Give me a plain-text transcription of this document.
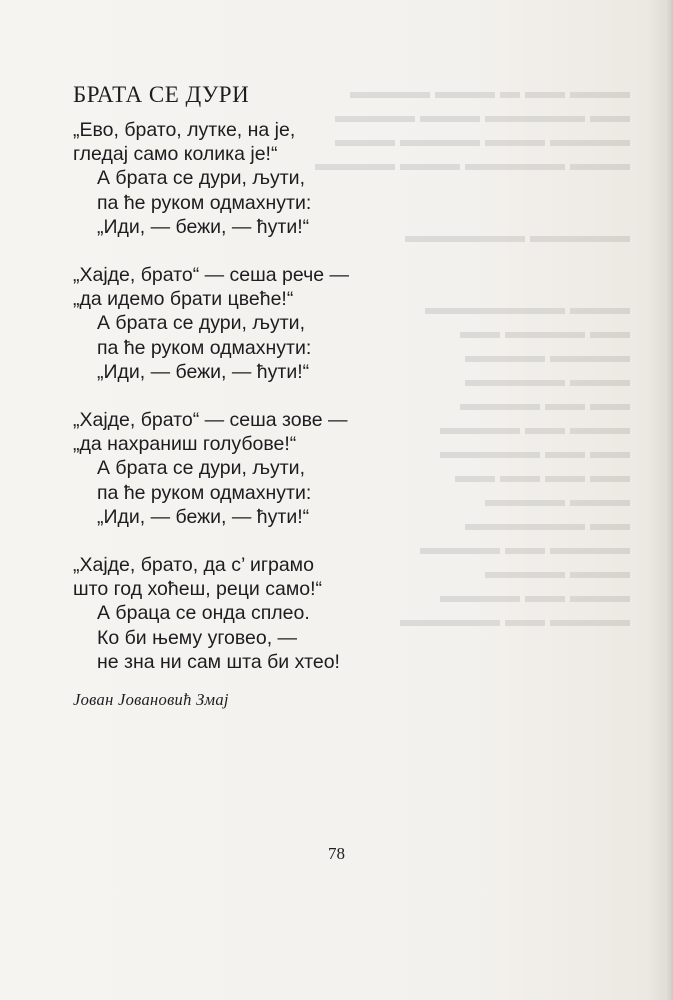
▬▬▬ ▬▬ ▬ ▬▬▬ ▬▬▬▬
▬▬ ▬▬▬▬▬ ▬▬▬ ▬▬▬▬
▬▬▬▬ ▬▬▬ ▬▬▬▬ ▬▬▬
▬▬▬ ▬▬▬▬▬ ▬▬▬ ▬▬▬▬
▬▬▬▬▬ ▬▬▬▬▬▬
▬▬▬ ▬▬▬▬▬▬▬
▬▬ ▬▬▬▬ ▬▬
▬▬▬▬ ▬▬▬▬
▬▬▬ ▬▬▬▬▬
▬▬ ▬▬ ▬▬▬▬
▬▬▬ ▬▬ ▬▬▬▬
▬▬ ▬▬ ▬▬▬▬▬
▬▬ ▬▬ ▬▬ ▬▬
▬▬▬ ▬▬▬▬
▬▬ ▬▬▬▬▬▬
▬▬▬▬ ▬▬ ▬▬▬▬
▬▬▬ ▬▬▬▬
▬▬▬ ▬▬ ▬▬▬▬
▬▬▬▬ ▬▬ ▬▬▬▬▬
БРАТА СЕ ДУРИ
„Ево, брато, лутке, на је,
гледај само колика је!“
А брата се дури, љути,
па ће руком одмахнути:
„Иди, — бежи, — ћути!“
„Хајде, брато“ — сеша рече —
„да идемо брати цвеће!“
А брата се дури, љути,
па ће руком одмахнути:
„Иди, — бежи, — ћути!“
„Хајде, брато“ — сеша зове —
„да нахраниш голубове!“
А брата се дури, љути,
па ће руком одмахнути:
„Иди, — бежи, — ћути!“
„Хајде, брато, да с’ играмо
што год хоћеш, реци само!“
А браца се онда сплео.
Ко би њему уговео, —
не зна ни сам шта би хтео!
Јован Јовановић Змај
78
